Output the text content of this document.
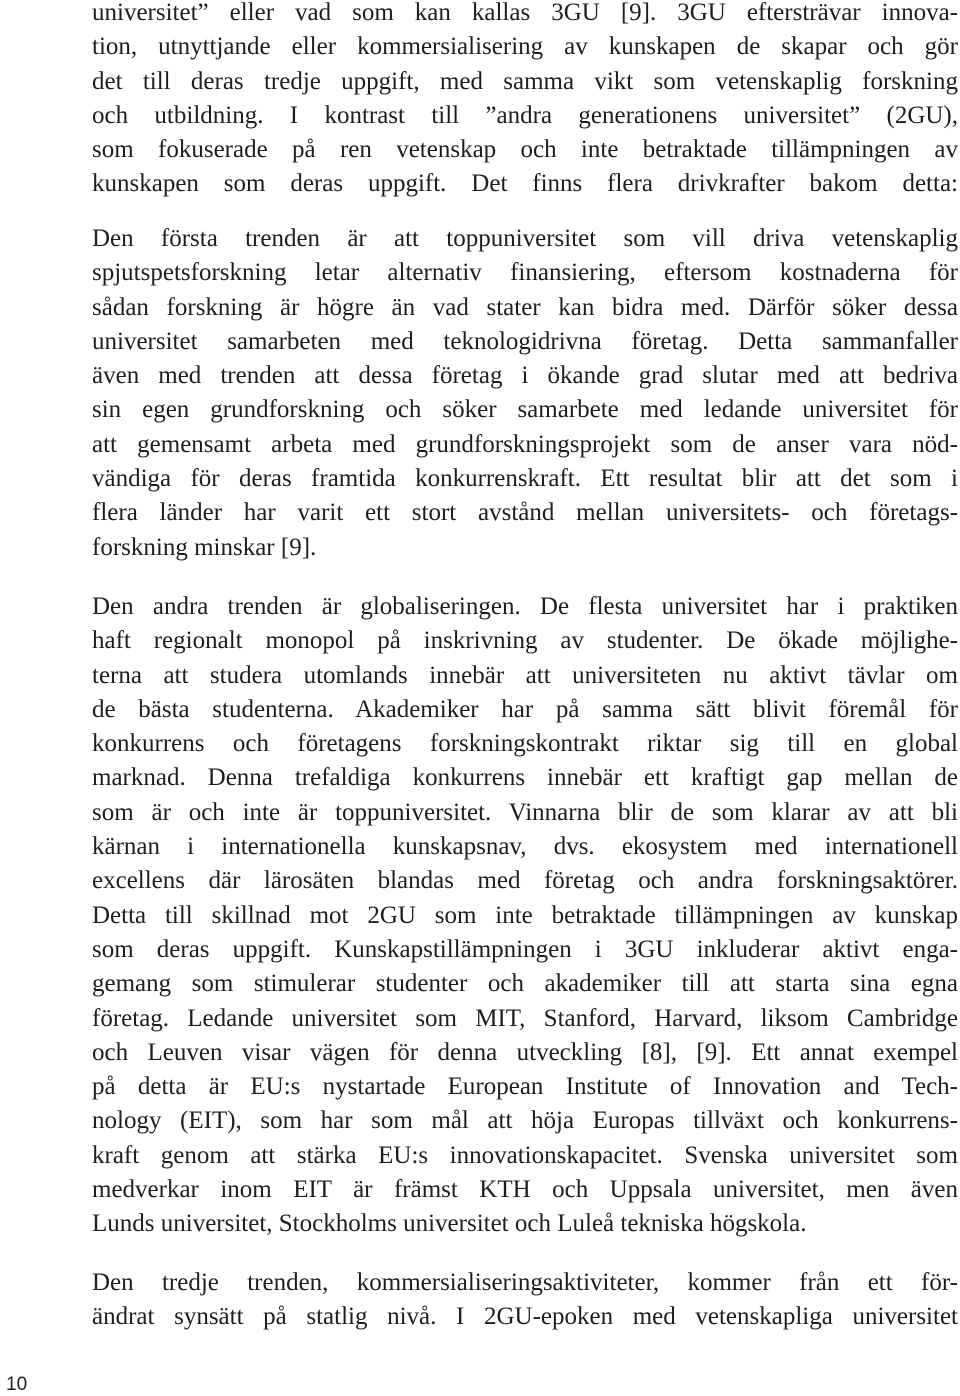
universitet” eller vad som kan kallas 3GU [9]. 3GU eftersträvar innova-
tion, utnyttjande eller kommersialisering av kunskapen de skapar och gör
det till deras tredje uppgift, med samma vikt som vetenskaplig forskning
och utbildning. I kontrast till ”andra generationens universitet” (2GU),
som fokuserade på ren vetenskap och inte betraktade tillämpningen av
kunskapen som deras uppgift. Det finns flera drivkrafter bakom detta:
Den första trenden är att toppuniversitet som vill driva vetenskaplig
spjutspetsforskning letar alternativ finansiering, eftersom kostnaderna för
sådan forskning är högre än vad stater kan bidra med. Därför söker dessa
universitet samarbeten med teknologidrivna företag. Detta sammanfaller
även med trenden att dessa företag i ökande grad slutar med att bedriva
sin egen grundforskning och söker samarbete med ledande universitet för
att gemensamt arbeta med grundforskningsprojekt som de anser vara nöd-
vändiga för deras framtida konkurrenskraft. Ett resultat blir att det som i
flera länder har varit ett stort avstånd mellan universitets- och företags-
forskning minskar [9].
Den andra trenden är globaliseringen. De flesta universitet har i praktiken
haft regionalt monopol på inskrivning av studenter. De ökade möjlighe-
terna att studera utomlands innebär att universiteten nu aktivt tävlar om
de bästa studenterna. Akademiker har på samma sätt blivit föremål för
konkurrens och företagens forskningskontrakt riktar sig till en global
marknad. Denna trefaldiga konkurrens innebär ett kraftigt gap mellan de
som är och inte är toppuniversitet. Vinnarna blir de som klarar av att bli
kärnan i internationella kunskapsnav, dvs. ekosystem med internationell
excellens där lärosäten blandas med företag och andra forskningsaktörer.
Detta till skillnad mot 2GU som inte betraktade tillämpningen av kunskap
som deras uppgift. Kunskapstillämpningen i 3GU inkluderar aktivt enga-
gemang som stimulerar studenter och akademiker till att starta sina egna
företag. Ledande universitet som MIT, Stanford, Harvard, liksom Cambridge
och Leuven visar vägen för denna utveckling [8], [9]. Ett annat exempel
på detta är EU:s nystartade European Institute of Innovation and Tech-
nology (EIT), som har som mål att höja Europas tillväxt och konkurrens-
kraft genom att stärka EU:s innovationskapacitet. Svenska universitet som
medverkar inom EIT är främst KTH och Uppsala universitet, men även
Lunds universitet, Stockholms universitet och Luleå tekniska högskola.
Den tredje trenden, kommersialiseringsaktiviteter, kommer från ett för-
ändrat synsätt på statlig nivå. I 2GU-epoken med vetenskapliga universitet
10
